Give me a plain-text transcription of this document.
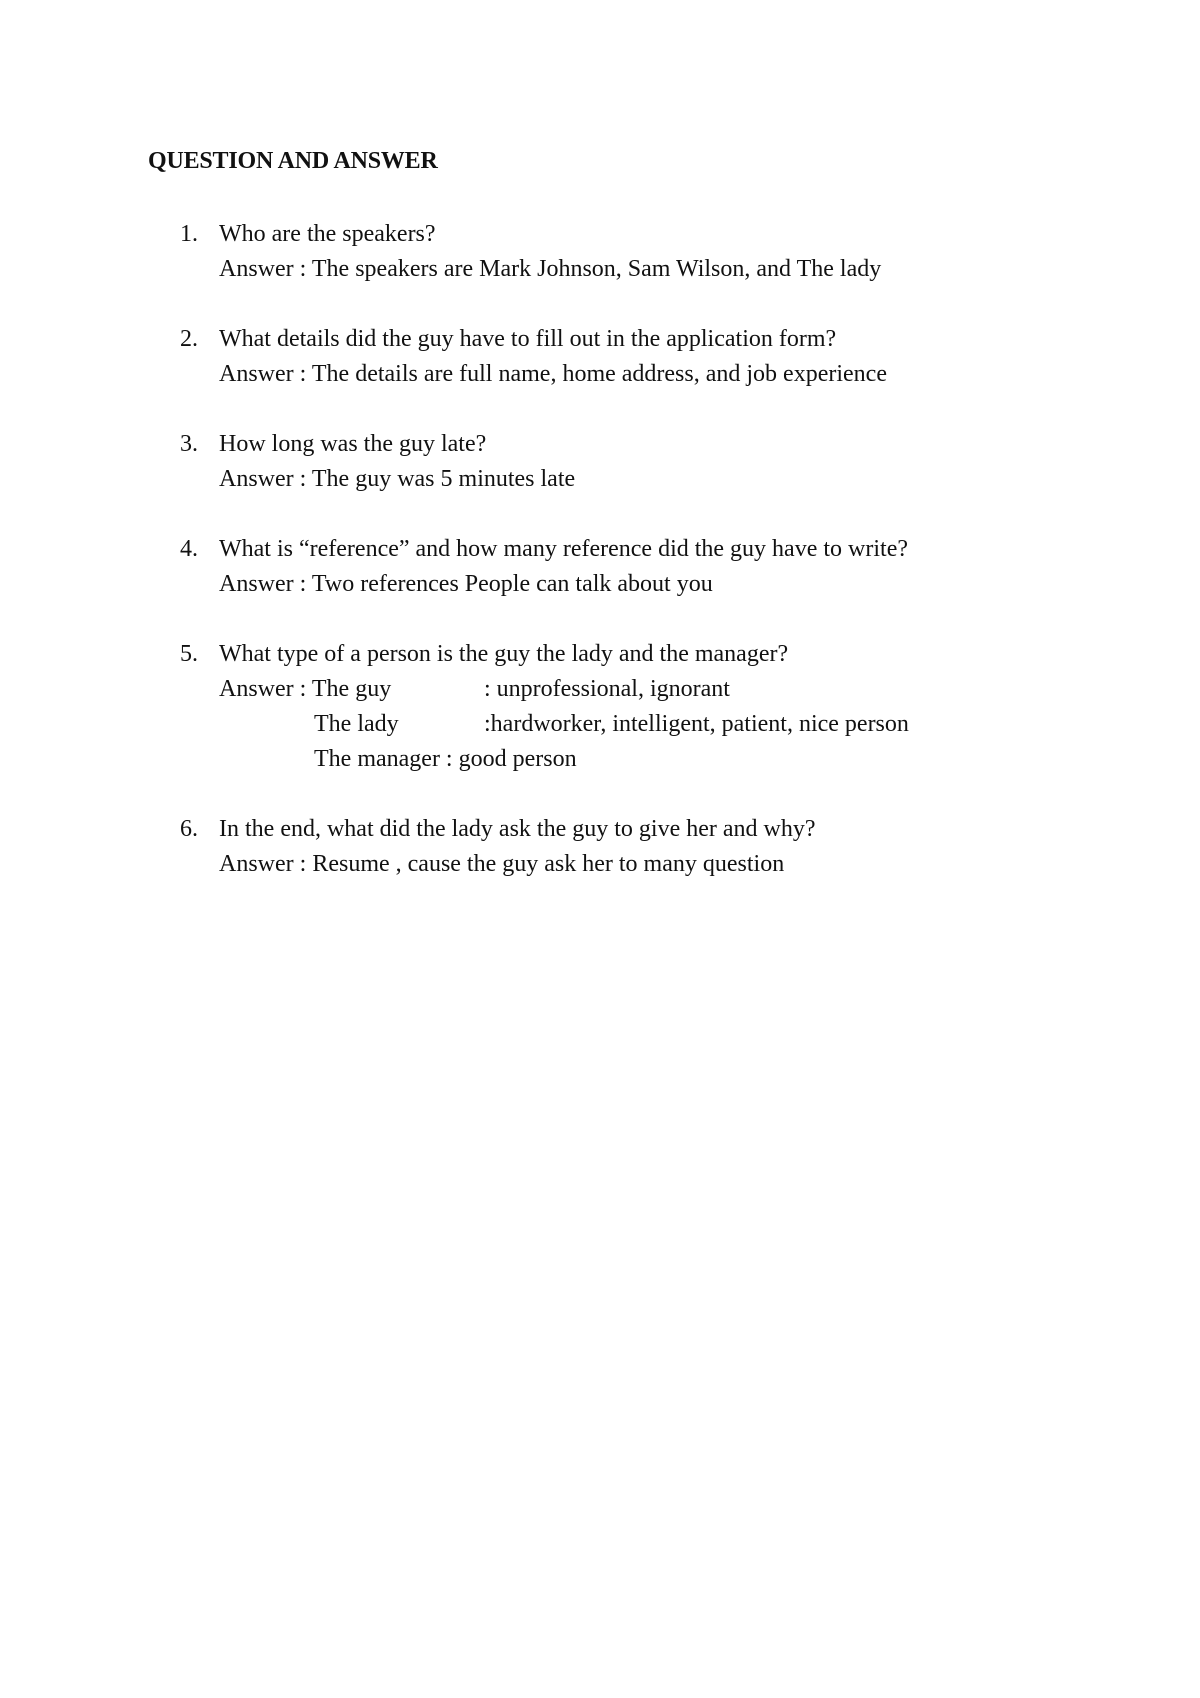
QUESTION AND ANSWER
1. Who are the speakers?
Answer : The speakers are Mark Johnson, Sam Wilson, and The lady
2. What details did the guy have to fill out in the application form?
Answer : The details are full name, home address, and job experience
3. How long was the guy late?
Answer : The guy was 5 minutes late
4. What is “reference” and how many reference did the guy have to write?
Answer : Two references People can talk about you
5. What type of a person is the guy the lady and the manager?
Answer : The guy	: unprofessional, ignorant
The lady	:hardworker, intelligent, patient, nice person
The manager : good person
6. In the end, what did the lady ask the guy to give her and why?
Answer : Resume , cause the guy ask her to many question
